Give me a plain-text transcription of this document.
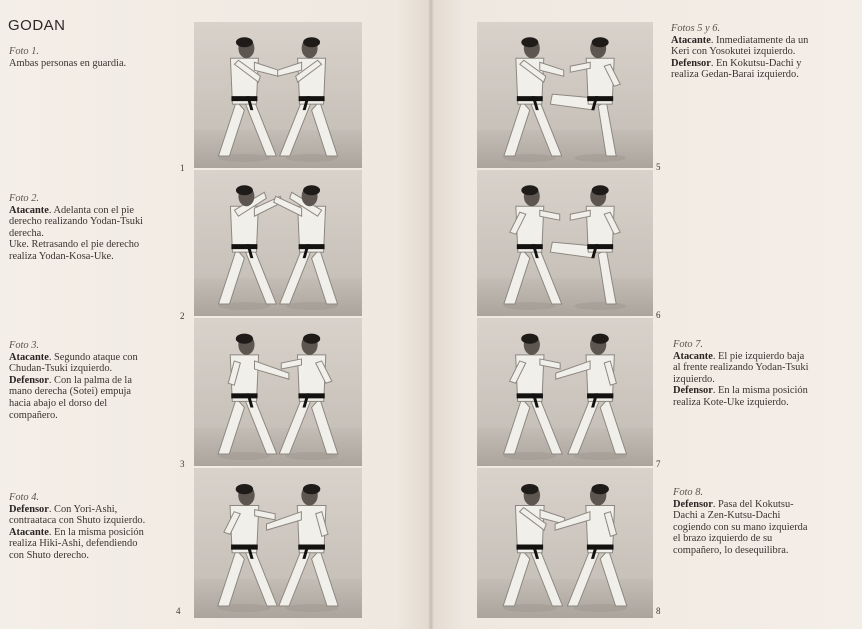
GODAN
Foto 1.
Ambas personas en guardia.
Foto 2.
Atacante. Adelanta con el pie
derecho realizando Yodan-Tsuki
derecha.
Uke. Retrasando el pie derecho
realiza Yodan-Kosa-Uke.
Foto 3.
Atacante. Segundo ataque con
Chudan-Tsuki izquierdo.
Defensor. Con la palma de la
mano derecha (Sotei) empuja
hacia abajo el dorso del
compañero.
Foto 4.
Defensor. Con Yori-Ashi,
contraataca con Shuto izquierdo.
Atacante. En la misma posición
realiza Hiki-Ashi, defendiendo
con Shuto derecho.
Fotos 5 y 6.
Atacante. Inmediatamente da un
Keri con Yosokutei izquierdo.
Defensor. En Kokutsu-Dachi y
realiza Gedan-Barai izquierdo.
Foto 7.
Atacante. El pie izquierdo baja
al frente realizando Yodan-Tsuki
izquierdo.
Defensor. En la misma posición
realiza Kote-Uke izquierdo.
Foto 8.
Defensor. Pasa del Kokutsu-
Dachi a Zen-Kutsu-Dachi
cogiendo con su mano izquierda
el brazo izquierdo de su
compañero, lo desequilibra.
1
2
3
4
5
6
7
8
